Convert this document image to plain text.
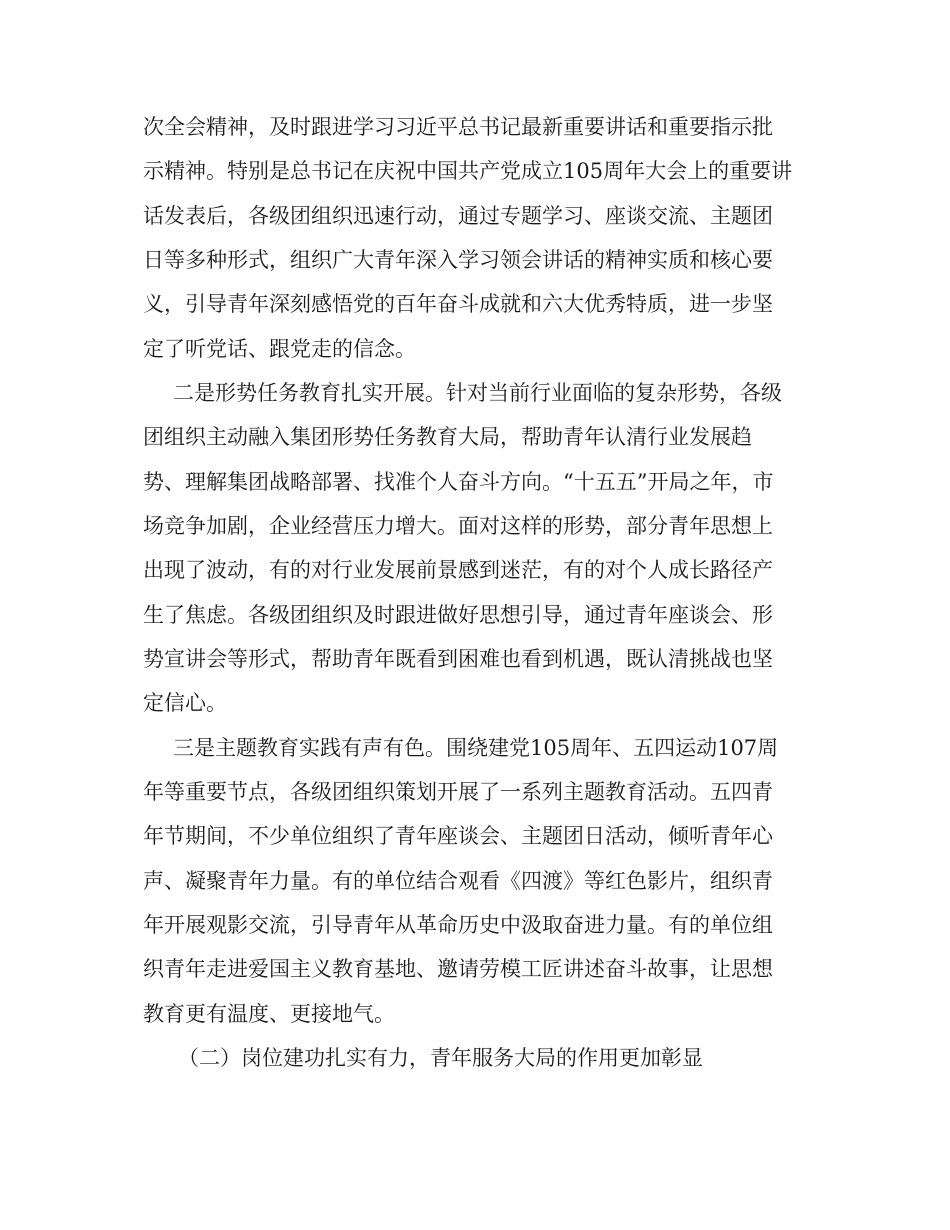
次全会精神，及时跟进学习习近平总书记最新重要讲话和重要指示批
示精神。特别是总书记在庆祝中国共产党成立105周年大会上的重要讲
话发表后，各级团组织迅速行动，通过专题学习、座谈交流、主题团
日等多种形式，组织广大青年深入学习领会讲话的精神实质和核心要
义，引导青年深刻感悟党的百年奋斗成就和六大优秀特质，进一步坚
定了听党话、跟党走的信念。
二是形势任务教育扎实开展。针对当前行业面临的复杂形势，各级
团组织主动融入集团形势任务教育大局，帮助青年认清行业发展趋
势、理解集团战略部署、找准个人奋斗方向。“十五五”开局之年，市
场竞争加剧，企业经营压力增大。面对这样的形势，部分青年思想上
出现了波动，有的对行业发展前景感到迷茫，有的对个人成长路径产
生了焦虑。各级团组织及时跟进做好思想引导，通过青年座谈会、形
势宣讲会等形式，帮助青年既看到困难也看到机遇，既认清挑战也坚
定信心。
三是主题教育实践有声有色。围绕建党105周年、五四运动107周
年等重要节点，各级团组织策划开展了一系列主题教育活动。五四青
年节期间，不少单位组织了青年座谈会、主题团日活动，倾听青年心
声、凝聚青年力量。有的单位结合观看《四渡》等红色影片，组织青
年开展观影交流，引导青年从革命历史中汲取奋进力量。有的单位组
织青年走进爱国主义教育基地、邀请劳模工匠讲述奋斗故事，让思想
教育更有温度、更接地气。
（二）岗位建功扎实有力，青年服务大局的作用更加彰显
